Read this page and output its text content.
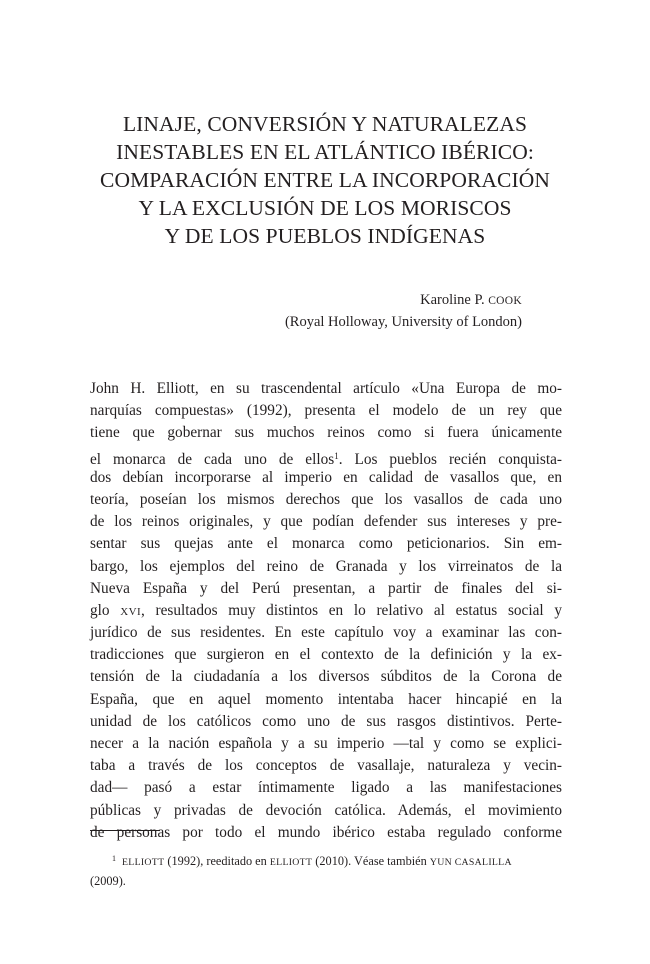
LINAJE, CONVERSIÓN Y NATURALEZAS
INESTABLES EN EL ATLÁNTICO IBÉRICO:
COMPARACIÓN ENTRE LA INCORPORACIÓN
Y LA EXCLUSIÓN DE LOS MORISCOS
Y DE LOS PUEBLOS INDÍGENAS
Karoline P. COOK
(Royal Holloway, University of London)
John H. Elliott, en su trascendental artículo «Una Europa de mo-
narquías compuestas» (1992), presenta el modelo de un rey que
tiene que gobernar sus muchos reinos como si fuera únicamente
el monarca de cada uno de ellos$^1$. Los pueblos recién conquista-
dos debían incorporarse al imperio en calidad de vasallos que, en
teoría, poseían los mismos derechos que los vasallos de cada uno
de los reinos originales, y que podían defender sus intereses y pre-
sentar sus quejas ante el monarca como peticionarios. Sin em-
bargo, los ejemplos del reino de Granada y los virreinatos de la
Nueva España y del Perú presentan, a partir de finales del si-
glo XVI, resultados muy distintos en lo relativo al estatus social y
jurídico de sus residentes. En este capítulo voy a examinar las con-
tradicciones que surgieron en el contexto de la definición y la ex-
tensión de la ciudadanía a los diversos súbditos de la Corona de
España, que en aquel momento intentaba hacer hincapié en la
unidad de los católicos como uno de sus rasgos distintivos. Perte-
necer a la nación española y a su imperio —tal y como se explici-
taba a través de los conceptos de vasallaje, naturaleza y vecin-
dad— pasó a estar íntimamente ligado a las manifestaciones
públicas y privadas de devoción católica. Además, el movimiento
de personas por todo el mundo ibérico estaba regulado conforme
$^1$ ELLIOTT (1992), reeditado en ELLIOTT (2010). Véase también YUN CASALILLA
(2009).
